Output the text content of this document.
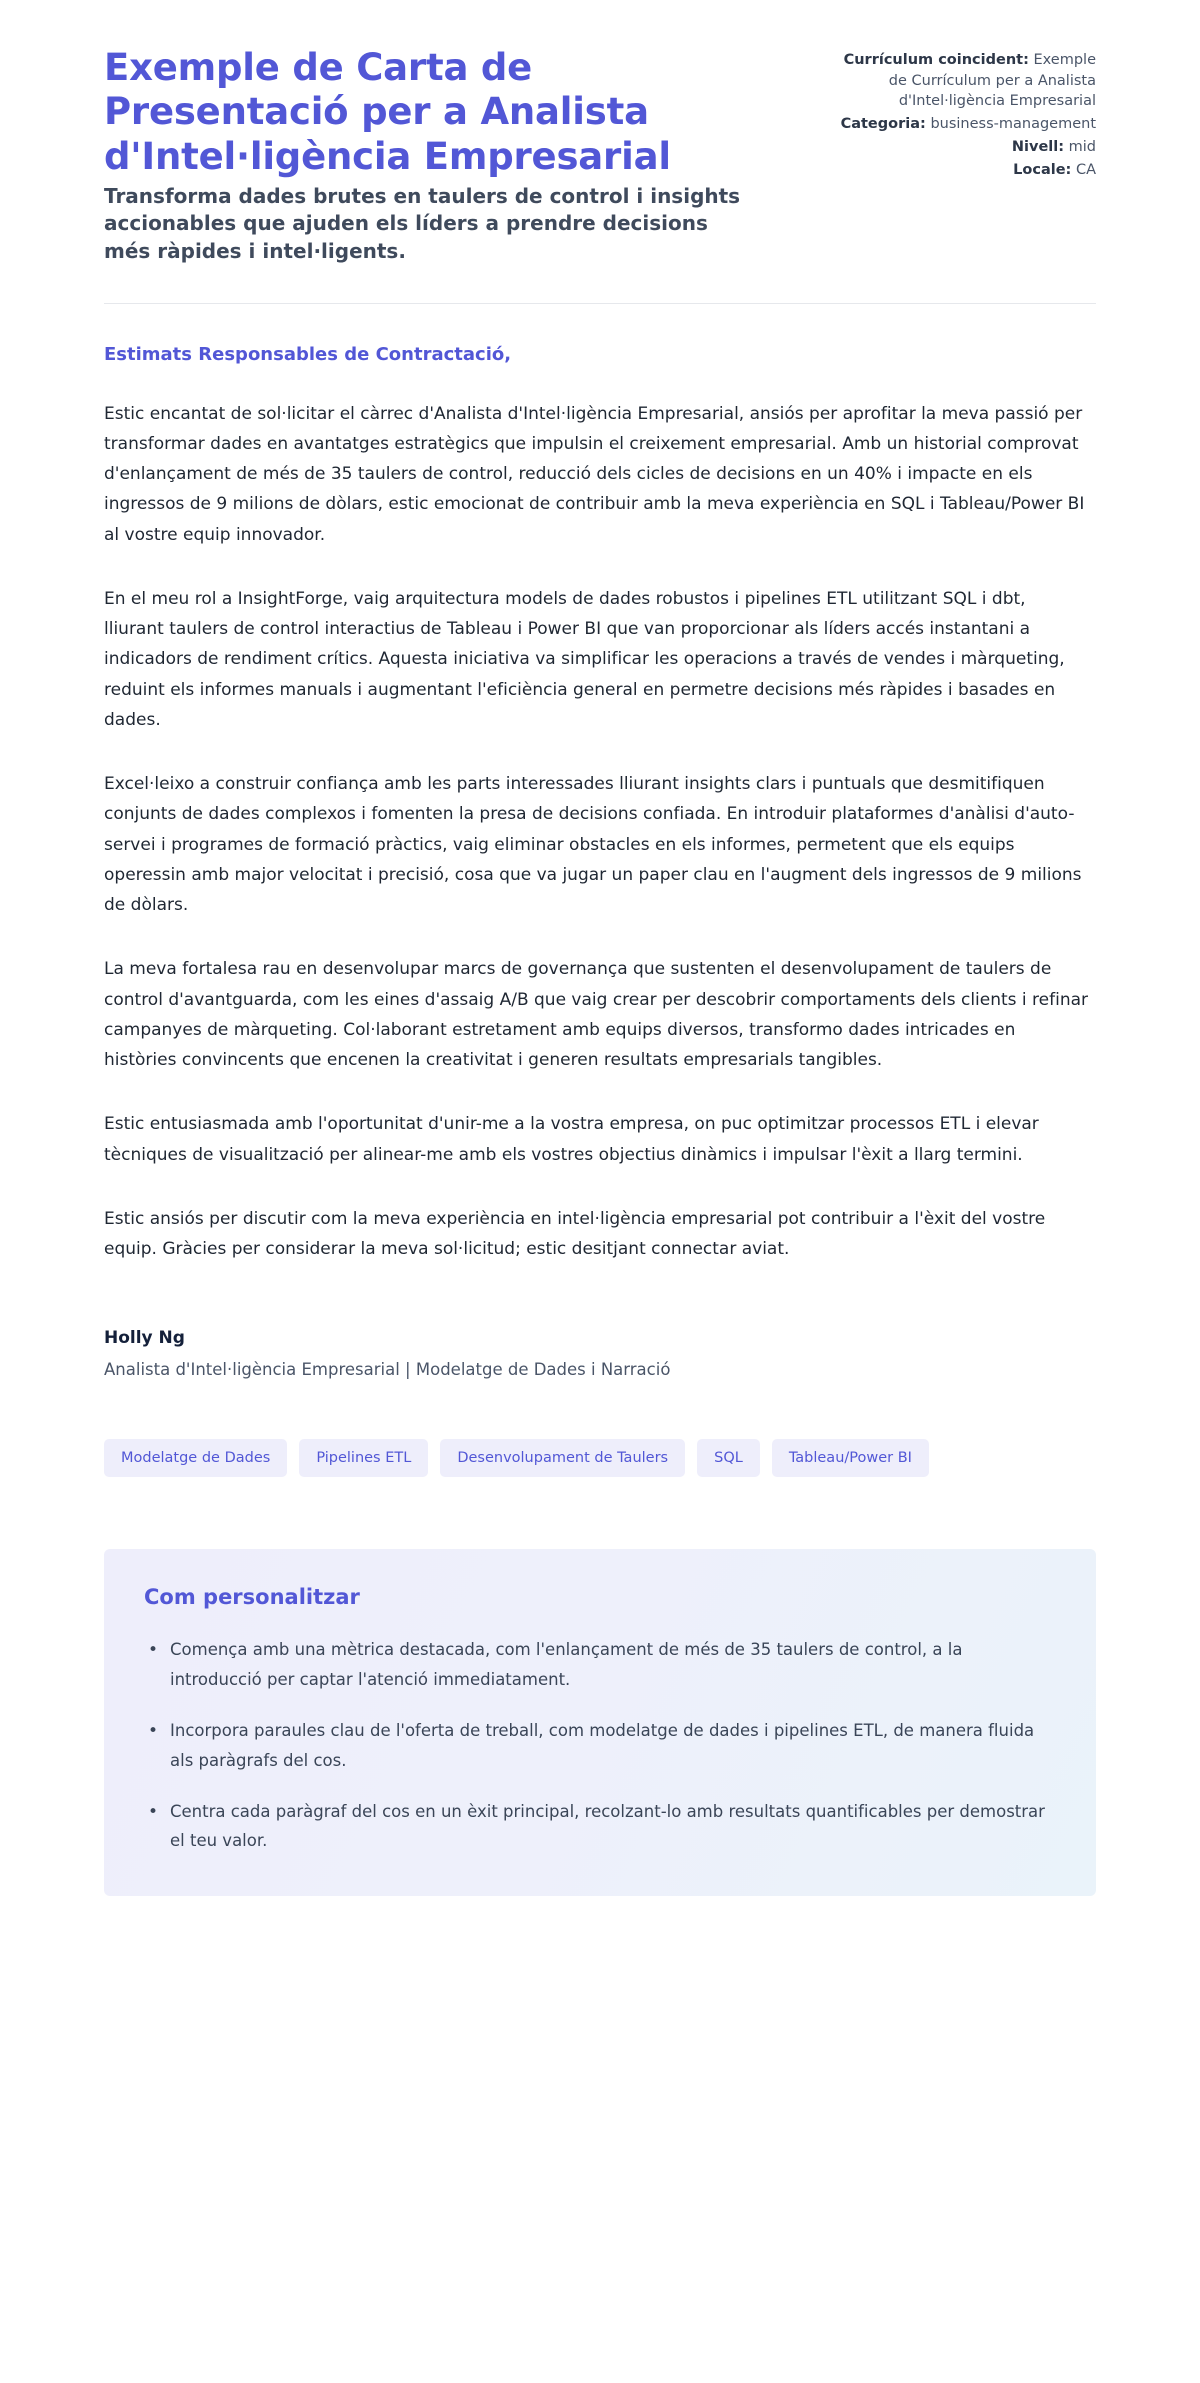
Exemple de Carta de Presentació per a Analista d'Intel·ligència Empresarial

Transforma dades brutes en taulers de control i insights accionables que ajuden els líders a prendre decisions més ràpides i intel·ligents.

Currículum coincident: Exemple de Currículum per a Analista d'Intel·ligència Empresarial
Categoria: business-management
Nivell: mid
Locale: CA

Estimats Responsables de Contractació,

Estic encantat de sol·licitar el càrrec d'Analista d'Intel·ligència Empresarial, ansiós per aprofitar la meva passió per transformar dades en avantatges estratègics que impulsin el creixement empresarial. Amb un historial comprovat d'enlançament de més de 35 taulers de control, reducció dels cicles de decisions en un 40% i impacte en els ingressos de 9 milions de dòlars, estic emocionat de contribuir amb la meva experiència en SQL i Tableau/Power BI al vostre equip innovador.

En el meu rol a InsightForge, vaig arquitectura models de dades robustos i pipelines ETL utilitzant SQL i dbt, lliurant taulers de control interactius de Tableau i Power BI que van proporcionar als líders accés instantani a indicadors de rendiment crítics. Aquesta iniciativa va simplificar les operacions a través de vendes i màrqueting, reduint els informes manuals i augmentant l'eficiència general en permetre decisions més ràpides i basades en dades.

Excel·leixo a construir confiança amb les parts interessades lliurant insights clars i puntuals que desmitifiquen conjunts de dades complexos i fomenten la presa de decisions confiada. En introduir plataformes d'anàlisi d'auto-servei i programes de formació pràctics, vaig eliminar obstacles en els informes, permetent que els equips operessin amb major velocitat i precisió, cosa que va jugar un paper clau en l'augment dels ingressos de 9 milions de dòlars.

La meva fortalesa rau en desenvolupar marcs de governança que sustenten el desenvolupament de taulers de control d'avantguarda, com les eines d'assaig A/B que vaig crear per descobrir comportaments dels clients i refinar campanyes de màrqueting. Col·laborant estretament amb equips diversos, transformo dades intricades en històries convincents que encenen la creativitat i generen resultats empresarials tangibles.

Estic entusiasmada amb l'oportunitat d'unir-me a la vostra empresa, on puc optimitzar processos ETL i elevar tècniques de visualització per alinear-me amb els vostres objectius dinàmics i impulsar l'èxit a llarg termini.

Estic ansiós per discutir com la meva experiència en intel·ligència empresarial pot contribuir a l'èxit del vostre equip. Gràcies per considerar la meva sol·licitud; estic desitjant connectar aviat.

Holly Ng

Analista d'Intel·ligència Empresarial | Modelatge de Dades i Narració

Modelatge de Dades	Pipelines ETL	Desenvolupament de Taulers	SQL	Tableau/Power BI
Com personalitzar
• Comença amb una mètrica destacada, com l'enlançament de més de 35 taulers de control, a la introducció per captar l'atenció immediatament.
• Incorpora paraules clau de l'oferta de treball, com modelatge de dades i pipelines ETL, de manera fluida als paràgrafs del cos.
• Centra cada paràgraf del cos en un èxit principal, recolzant-lo amb resultats quantificables per demostrar el teu valor.
